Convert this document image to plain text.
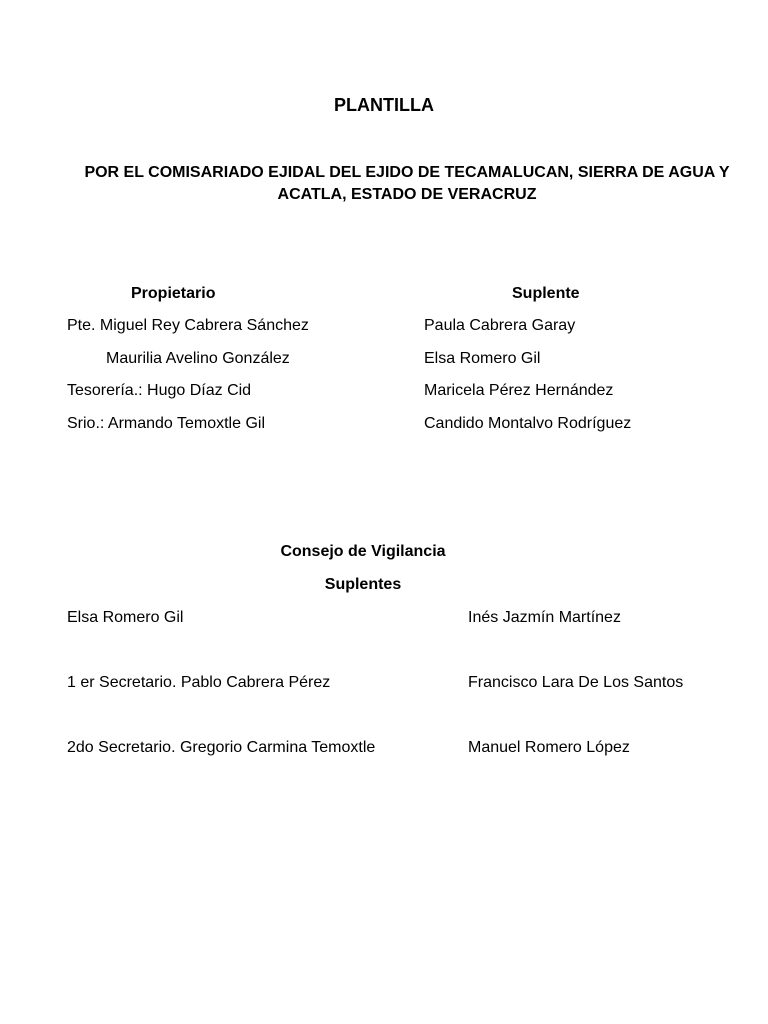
PLANTILLA
POR EL COMISARIADO EJIDAL DEL EJIDO DE TECAMALUCAN, SIERRA DE AGUA Y ACATLA, ESTADO DE VERACRUZ
Propietario	Suplente
Pte. Miguel Rey Cabrera Sánchez	Paula Cabrera Garay
Maurilia Avelino González	Elsa Romero Gil
Tesorería.: Hugo Díaz Cid	Maricela Pérez Hernández
Srio.: Armando Temoxtle Gil	Candido Montalvo Rodríguez
Consejo de Vigilancia
Suplentes
Elsa Romero Gil	Inés Jazmín Martínez
1 er Secretario. Pablo Cabrera Pérez	Francisco Lara De Los Santos
2do Secretario. Gregorio Carmina Temoxtle	Manuel Romero López
